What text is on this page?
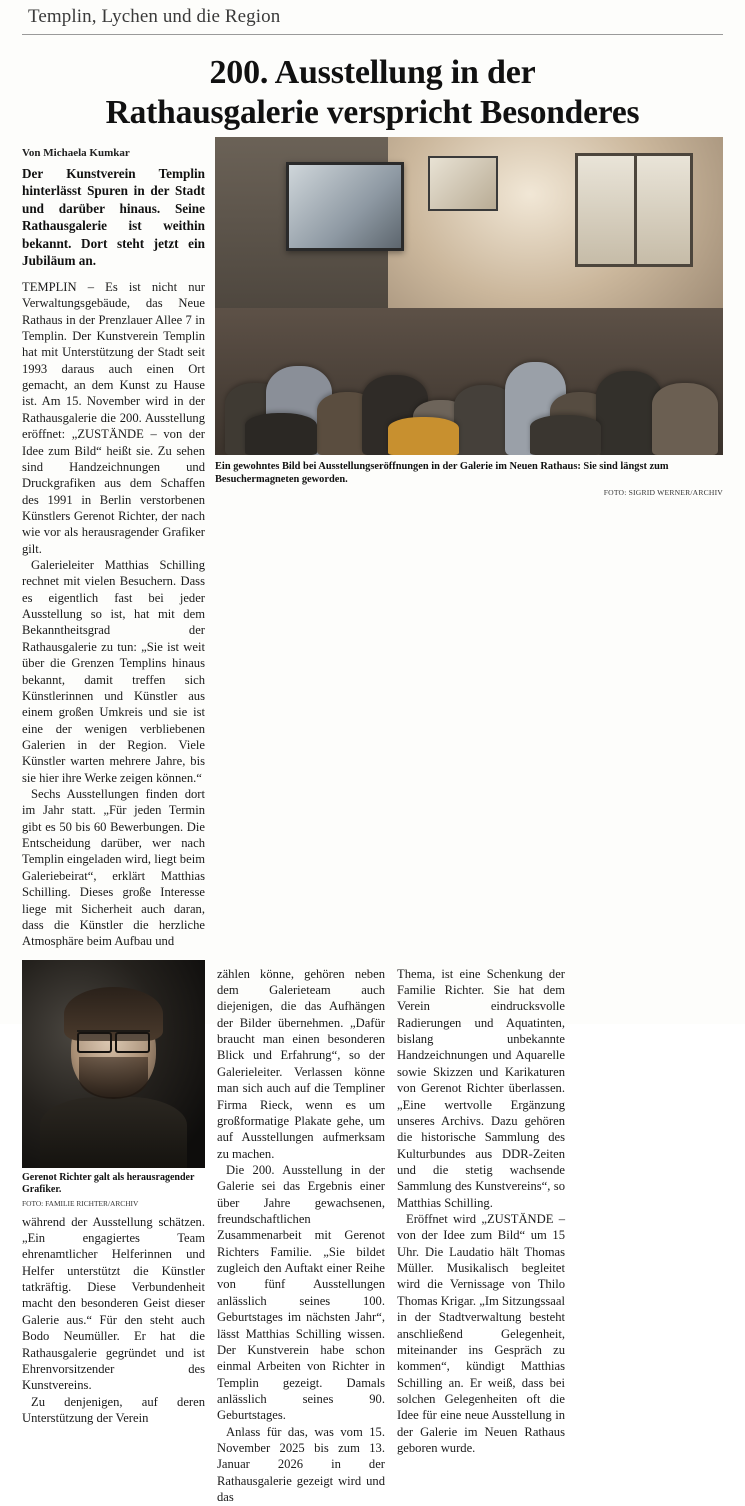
Templin, Lychen und die Region
200. Ausstellung in der
Rathausgalerie verspricht Besonderes
Von Michaela Kumkar
Der Kunstverein Templin hinterlässt Spuren in der Stadt und darüber hinaus. Seine Rathausgalerie ist weithin bekannt. Dort steht jetzt ein Jubiläum an.

TEMPLIN – Es ist nicht nur Verwaltungsgebäude, das Neue Rathaus in der Prenzlauer Allee 7 in Templin. Der Kunstverein Templin hat mit Unterstützung der Stadt seit 1993 daraus auch einen Ort gemacht, an dem Kunst zu Hause ist. Am 15. November wird in der Rathausgalerie die 200. Ausstellung eröffnet: „ZUSTÄNDE – von der Idee zum Bild“ heißt sie. Zu sehen sind Handzeichnungen und Druckgrafiken aus dem Schaffen des 1991 in Berlin verstorbenen Künstlers Gerenot Richter, der nach wie vor als herausragender Grafiker gilt.

Galerieleiter Matthias Schilling rechnet mit vielen Besuchern. Dass es eigentlich fast bei jeder Ausstellung so ist, hat mit dem Bekanntheitsgrad der Rathausgalerie zu tun: „Sie ist weit über die Grenzen Templins hinaus bekannt, damit treffen sich Künstlerinnen und Künstler aus einem großen Umkreis und sie ist eine der wenigen verbliebenen Galerien in der Region. Viele Künstler warten mehrere Jahre, bis sie hier ihre Werke zeigen können.“

Sechs Ausstellungen finden dort im Jahr statt. „Für jeden Termin gibt es 50 bis 60 Bewerbungen. Die Entscheidung darüber, wer nach Templin eingeladen wird, liegt beim Galeriebeirat“, erklärt Matthias Schilling. Dieses große Interesse liege mit Sicherheit auch daran, dass die Künstler die herzliche Atmosphäre beim Aufbau und

Ein gewohntes Bild bei Ausstellungseröffnungen in der Galerie im Neuen Rathaus: Sie sind längst zum Besuchermagneten geworden.
FOTO: SIGRID WERNER/ARCHIV
Gerenot Richter galt als herausragender Grafiker.
FOTO: FAMILIE RICHTER/ARCHIV

während der Ausstellung schätzen. „Ein engagiertes Team ehrenamtlicher Helferinnen und Helfer unterstützt die Künstler tatkräftig. Diese Verbundenheit macht den besonderen Geist dieser Galerie aus.“ Für den steht auch Bodo Neumüller. Er hat die Rathausgalerie gegründet und ist Ehrenvorsitzender des Kunstvereins.

Zu denjenigen, auf deren Unterstützung der Verein

zählen könne, gehören neben dem Galerieteam auch diejenigen, die das Aufhängen der Bilder übernehmen. „Dafür braucht man einen besonderen Blick und Erfahrung“, so der Galerieleiter. Verlassen könne man sich auch auf die Templiner Firma Rieck, wenn es um großformatige Plakate gehe, um auf Ausstellungen aufmerksam zu machen.

Die 200. Ausstellung in der Galerie sei das Ergebnis einer über Jahre gewachsenen, freundschaftlichen Zusammenarbeit mit Gerenot Richters Familie. „Sie bildet zugleich den Auftakt einer Reihe von fünf Ausstellungen anlässlich seines 100. Geburtstages im nächsten Jahr“, lässt Matthias Schilling wissen. Der Kunstverein habe schon einmal Arbeiten von Richter in Templin gezeigt. Damals anlässlich seines 90. Geburtstages.

Anlass für das, was vom 15. November 2025 bis zum 13. Januar 2026 in der Rathausgalerie gezeigt wird und das

Thema, ist eine Schenkung der Familie Richter. Sie hat dem Verein eindrucksvolle Radierungen und Aquatinten, bislang unbekannte Handzeichnungen und Aquarelle sowie Skizzen und Karikaturen von Gerenot Richter überlassen. „Eine wertvolle Ergänzung unseres Archivs. Dazu gehören die historische Sammlung des Kulturbundes aus DDR-Zeiten und die stetig wachsende Sammlung des Kunstvereins“, so Matthias Schilling.

Eröffnet wird „ZUSTÄNDE – von der Idee zum Bild“ um 15 Uhr. Die Laudatio hält Thomas Müller. Musikalisch begleitet wird die Vernissage von Thilo Thomas Krigar. „Im Sitzungssaal in der Stadtverwaltung besteht anschließend Gelegenheit, miteinander ins Gespräch zu kommen“, kündigt Matthias Schilling an. Er weiß, dass bei solchen Gelegenheiten oft die Idee für eine neue Ausstellung in der Galerie im Neuen Rathaus geboren wurde.
